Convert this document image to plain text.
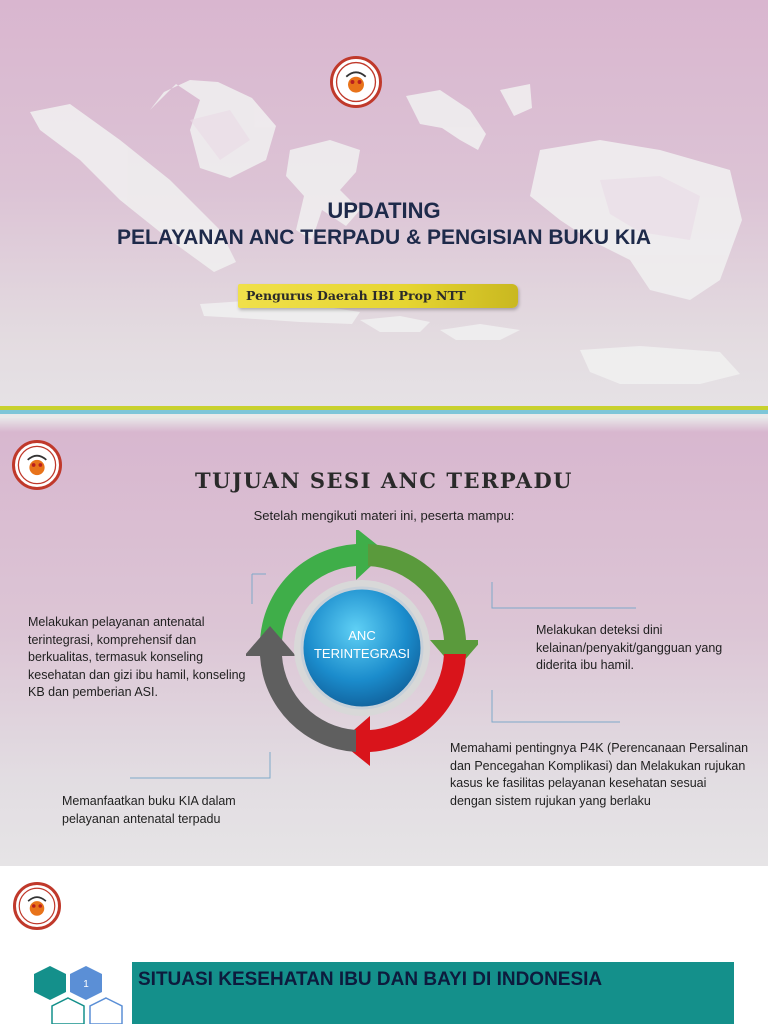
UPDATING
PELAYANAN ANC TERPADU & PENGISIAN BUKU KIA
Pengurus Daerah IBI Prop NTT
TUJUAN SESI ANC TERPADU
Setelah mengikuti materi ini, peserta mampu:
ANC
TERINTEGRASI
Melakukan pelayanan antenatal terintegrasi, komprehensif dan berkualitas, termasuk konseling kesehatan dan gizi ibu hamil, konseling KB dan pemberian ASI.
Melakukan deteksi dini kelainan/penyakit/gangguan yang diderita ibu hamil.
Memahami pentingnya P4K (Perencanaan Persalinan dan Pencegahan Komplikasi) dan Melakukan rujukan kasus ke fasilitas pelayanan kesehatan sesuai dengan sistem rujukan yang berlaku
Memanfaatkan buku KIA dalam pelayanan antenatal terpadu
1	SITUASI KESEHATAN IBU DAN BAYI DI INDONESIA
